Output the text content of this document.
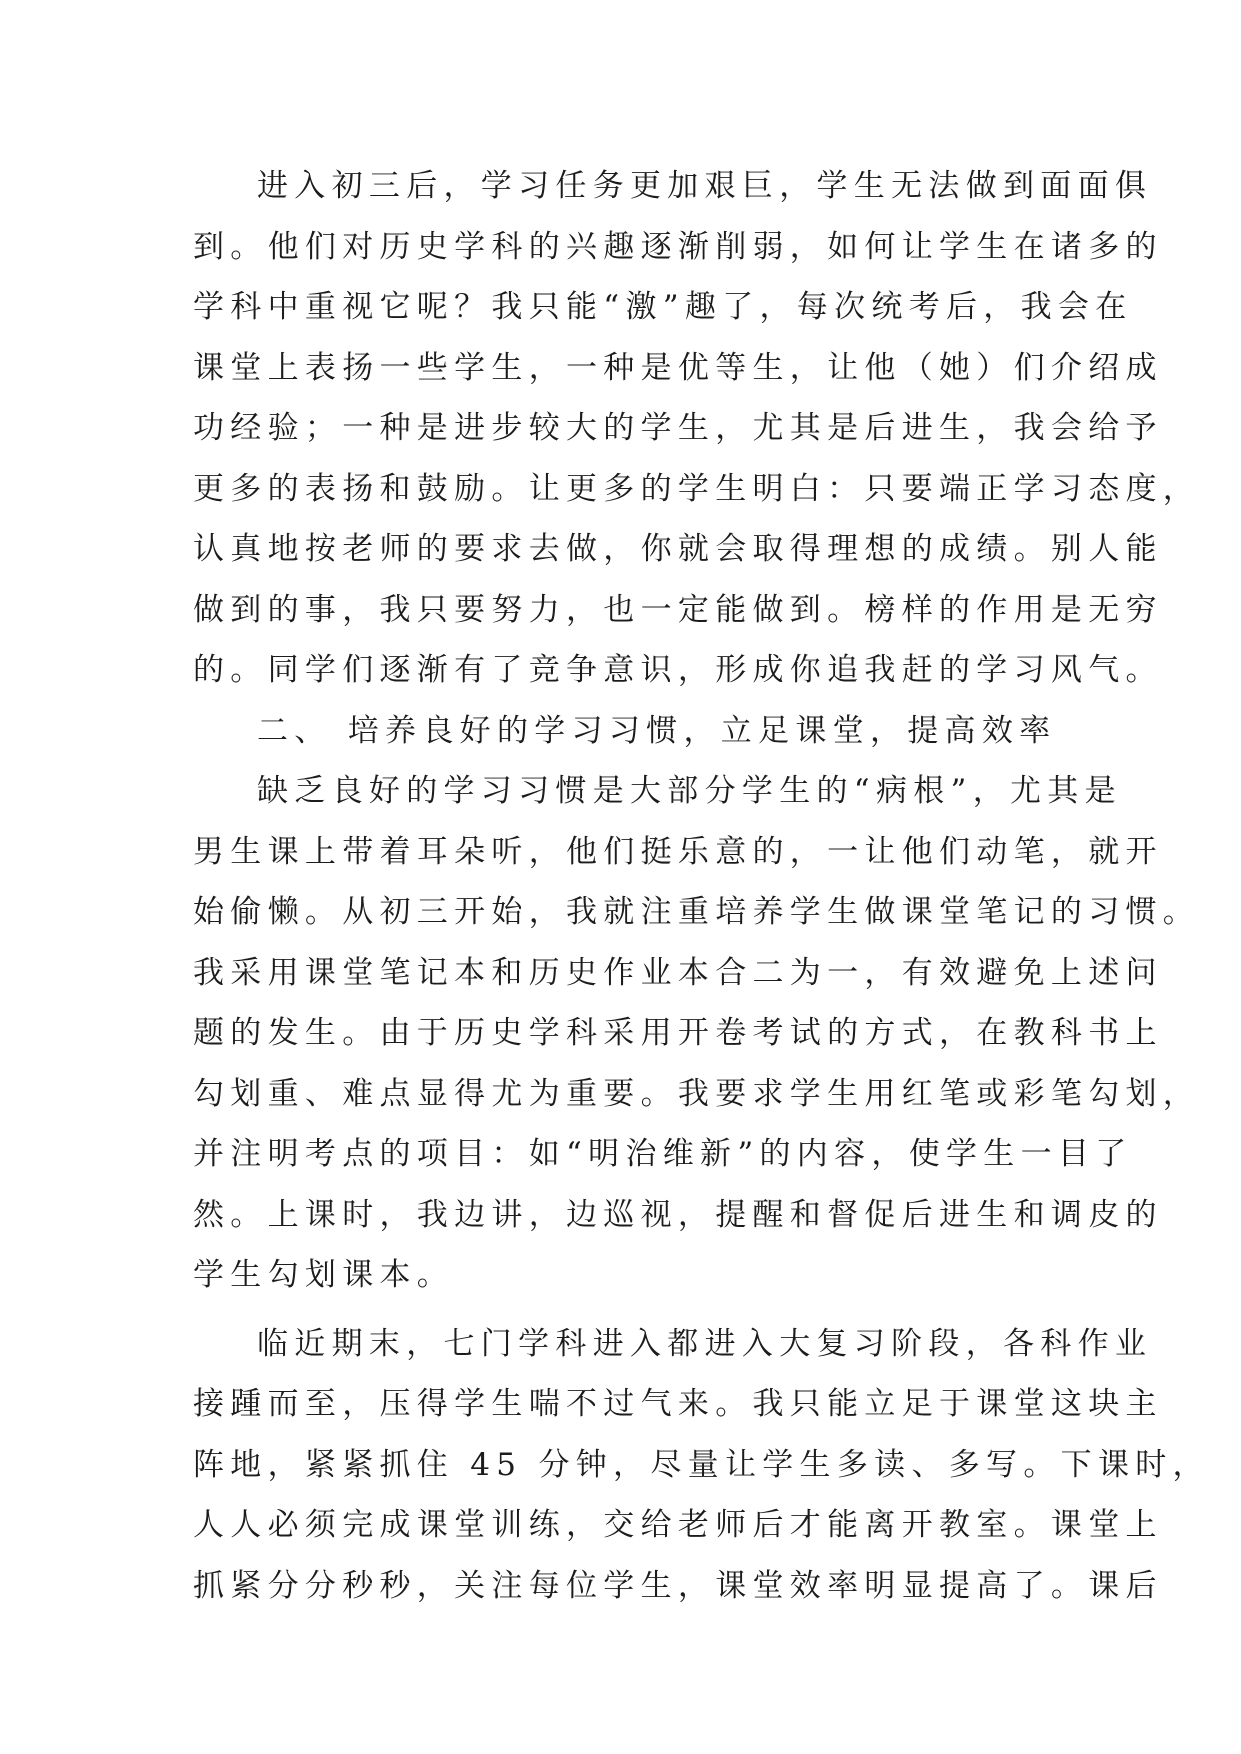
进入初三后，学习任务更加艰巨，学生无法做到面面俱
到。他们对历史学科的兴趣逐渐削弱，如何让学生在诸多的
学科中重视它呢？我只能“激”趣了，每次统考后，我会在
课堂上表扬一些学生，一种是优等生，让他（她）们介绍成
功经验；一种是进步较大的学生，尤其是后进生，我会给予
更多的表扬和鼓励。让更多的学生明白：只要端正学习态度，
认真地按老师的要求去做，你就会取得理想的成绩。别人能
做到的事，我只要努力，也一定能做到。榜样的作用是无穷
的。同学们逐渐有了竞争意识，形成你追我赶的学习风气。
二、 培养良好的学习习惯，立足课堂，提高效率
缺乏良好的学习习惯是大部分学生的“病根”，尤其是
男生课上带着耳朵听，他们挺乐意的，一让他们动笔，就开
始偷懒。从初三开始，我就注重培养学生做课堂笔记的习惯。
我采用课堂笔记本和历史作业本合二为一，有效避免上述问
题的发生。由于历史学科采用开卷考试的方式，在教科书上
勾划重、难点显得尤为重要。我要求学生用红笔或彩笔勾划，
并注明考点的项目：如“明治维新”的内容，使学生一目了
然。上课时，我边讲，边巡视，提醒和督促后进生和调皮的
学生勾划课本。
临近期末，七门学科进入都进入大复习阶段，各科作业
接踵而至，压得学生喘不过气来。我只能立足于课堂这块主
阵地，紧紧抓住 45 分钟，尽量让学生多读、多写。下课时，
人人必须完成课堂训练，交给老师后才能离开教室。课堂上
抓紧分分秒秒，关注每位学生，课堂效率明显提高了。课后
